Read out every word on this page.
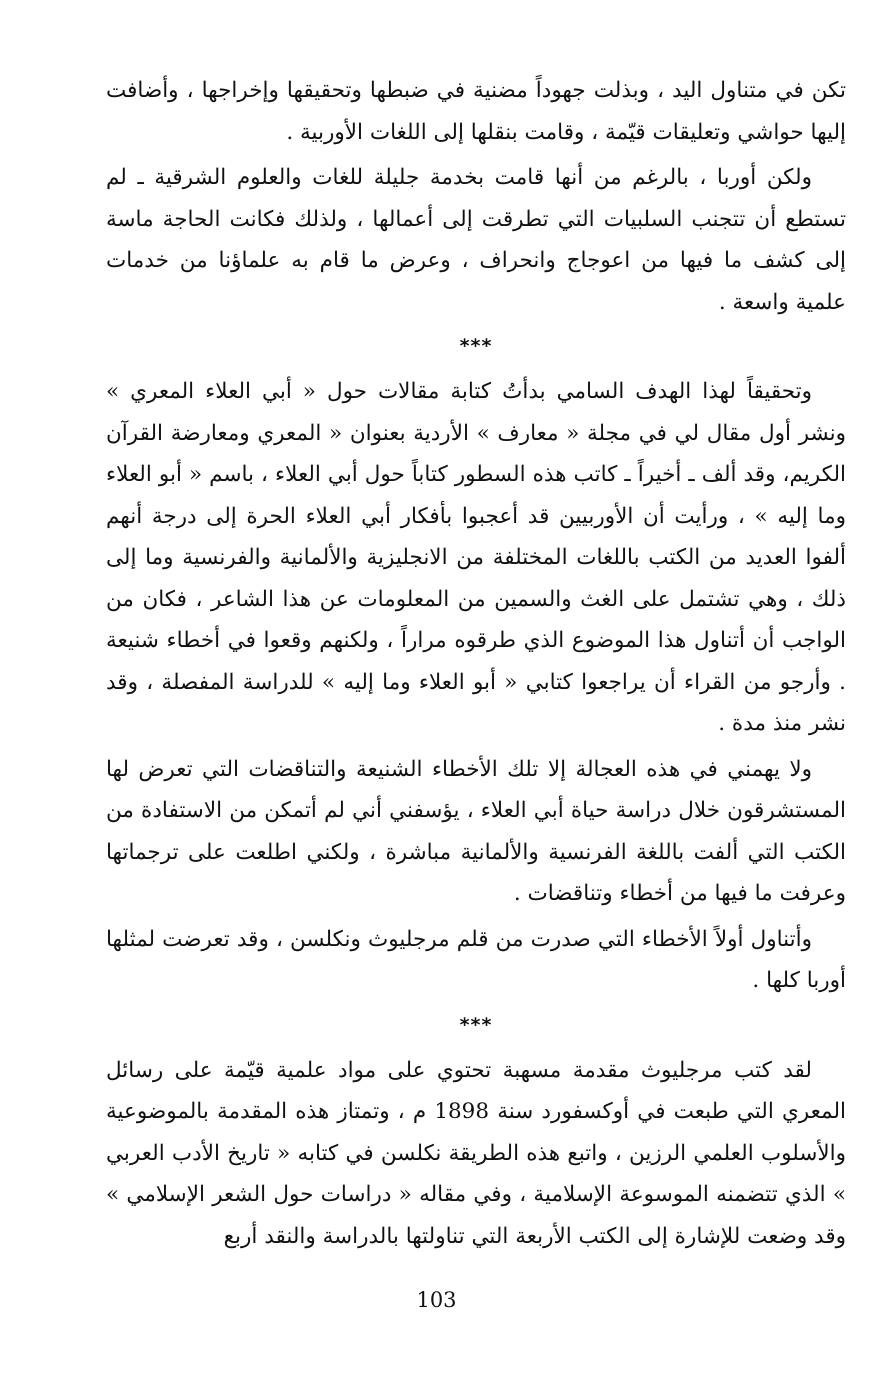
تكن في متناول اليد ، وبذلت جهوداً مضنية في ضبطها وتحقيقها وإخراجها ، وأضافت إليها حواشي وتعليقات قيّمة ، وقامت بنقلها إلى اللغات الأوربية .

ولكن أوربا ، بالرغم من أنها قامت بخدمة جليلة للغات والعلوم الشرقية ـ لم تستطع أن تتجنب السلبيات التي تطرقت إلى أعمالها ، ولذلك فكانت الحاجة ماسة إلى كشف ما فيها من اعوجاج وانحراف ، وعرض ما قام به علماؤنا من خدمات علمية واسعة .

***

وتحقيقاً لهذا الهدف السامي بدأتُ كتابة مقالات حول « أبي العلاء المعري » ونشر أول مقال لي في مجلة « معارف » الأردية بعنوان « المعري ومعارضة القرآن الكريم، وقد ألف ـ أخيراً ـ كاتب هذه السطور كتاباً حول أبي العلاء ، باسم « أبو العلاء وما إليه » ، ورأيت أن الأوربيين قد أعجبوا بأفكار أبي العلاء الحرة إلى درجة أنهم ألفوا العديد من الكتب باللغات المختلفة من الانجليزية والألمانية والفرنسية وما إلى ذلك ، وهي تشتمل على الغث والسمين من المعلومات عن هذا الشاعر ، فكان من الواجب أن أتناول هذا الموضوع الذي طرقوه مراراً ، ولكنهم وقعوا في أخطاء شنيعة . وأرجو من القراء أن يراجعوا كتابي « أبو العلاء وما إليه » للدراسة المفصلة ، وقد نشر منذ مدة .

ولا يهمني في هذه العجالة إلا تلك الأخطاء الشنيعة والتناقضات التي تعرض لها المستشرقون خلال دراسة حياة أبي العلاء ، يؤسفني أني لم أتمكن من الاستفادة من الكتب التي ألفت باللغة الفرنسية والألمانية مباشرة ، ولكني اطلعت على ترجماتها وعرفت ما فيها من أخطاء وتناقضات .

وأتناول أولاً الأخطاء التي صدرت من قلم مرجليوث ونكلسن ، وقد تعرضت لمثلها أوربا كلها .

***

لقد كتب مرجليوث مقدمة مسهبة تحتوي على مواد علمية قيّمة على رسائل المعري التي طبعت في أوكسفورد سنة 1898 م ، وتمتاز هذه المقدمة بالموضوعية والأسلوب العلمي الرزين ، واتبع هذه الطريقة نكلسن في كتابه « تاريخ الأدب العربي » الذي تتضمنه الموسوعة الإسلامية ، وفي مقاله « دراسات حول الشعر الإسلامي » وقد وضعت للإشارة إلى الكتب الأربعة التي تناولتها بالدراسة والنقد أربع

103
